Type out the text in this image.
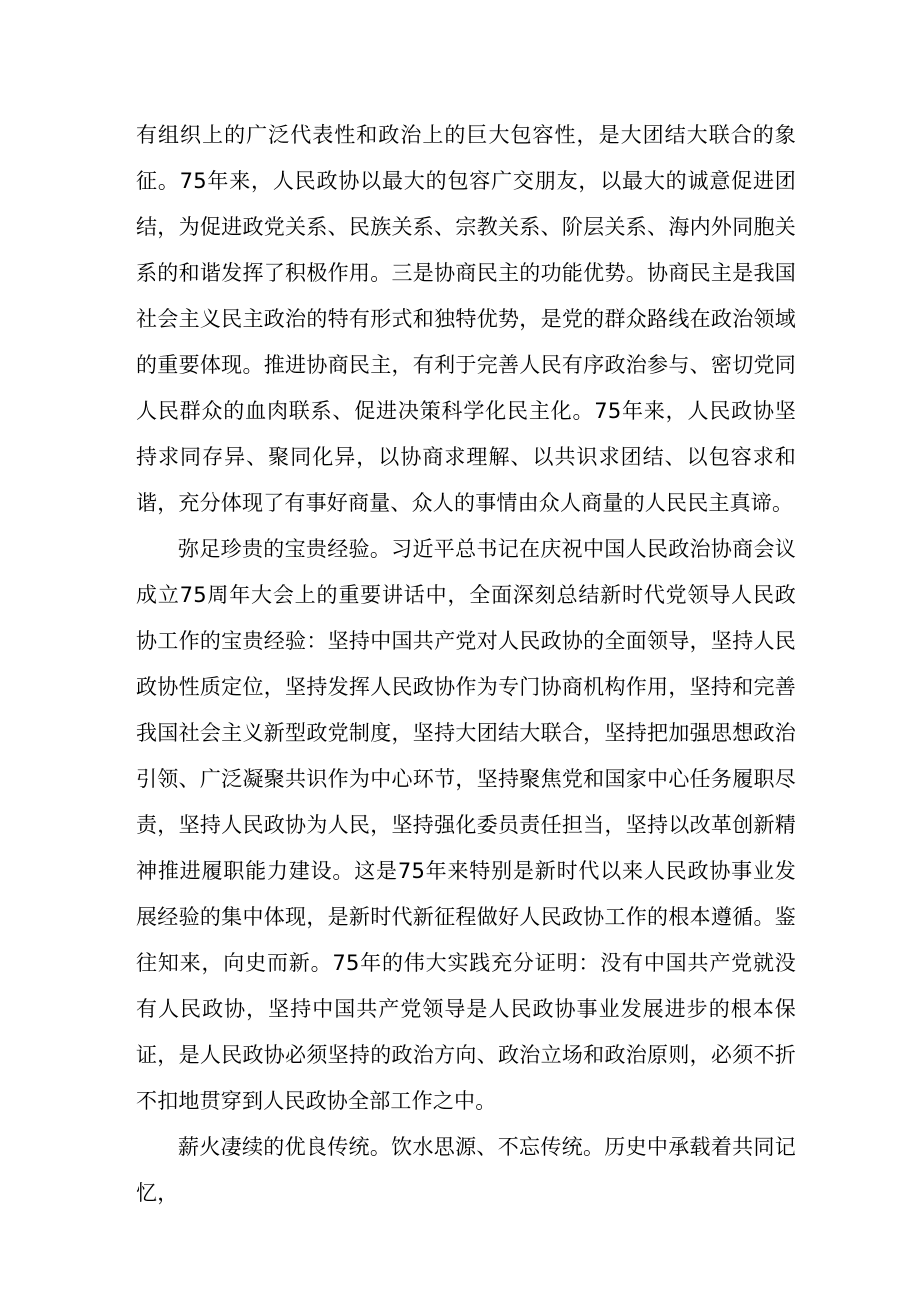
有组织上的广泛代表性和政治上的巨大包容性，是大团结大联合的象征。75年来，人民政协以最大的包容广交朋友，以最大的诚意促进团结，为促进政党关系、民族关系、宗教关系、阶层关系、海内外同胞关系的和谐发挥了积极作用。三是协商民主的功能优势。协商民主是我国社会主义民主政治的特有形式和独特优势，是党的群众路线在政治领域的重要体现。推进协商民主，有利于完善人民有序政治参与、密切党同人民群众的血肉联系、促进决策科学化民主化。75年来，人民政协坚持求同存异、聚同化异，以协商求理解、以共识求团结、以包容求和谐，充分体现了有事好商量、众人的事情由众人商量的人民民主真谛。

弥足珍贵的宝贵经验。习近平总书记在庆祝中国人民政治协商会议成立75周年大会上的重要讲话中，全面深刻总结新时代党领导人民政协工作的宝贵经验：坚持中国共产党对人民政协的全面领导，坚持人民政协性质定位，坚持发挥人民政协作为专门协商机构作用，坚持和完善我国社会主义新型政党制度，坚持大团结大联合，坚持把加强思想政治引领、广泛凝聚共识作为中心环节，坚持聚焦党和国家中心任务履职尽责，坚持人民政协为人民，坚持强化委员责任担当，坚持以改革创新精神推进履职能力建设。这是75年来特别是新时代以来人民政协事业发展经验的集中体现，是新时代新征程做好人民政协工作的根本遵循。鉴往知来，向史而新。75年的伟大实践充分证明：没有中国共产党就没有人民政协，坚持中国共产党领导是人民政协事业发展进步的根本保证，是人民政协必须坚持的政治方向、政治立场和政治原则，必须不折不扣地贯穿到人民政协全部工作之中。

薪火凄续的优良传统。饮水思源、不忘传统。历史中承载着共同记忆，
